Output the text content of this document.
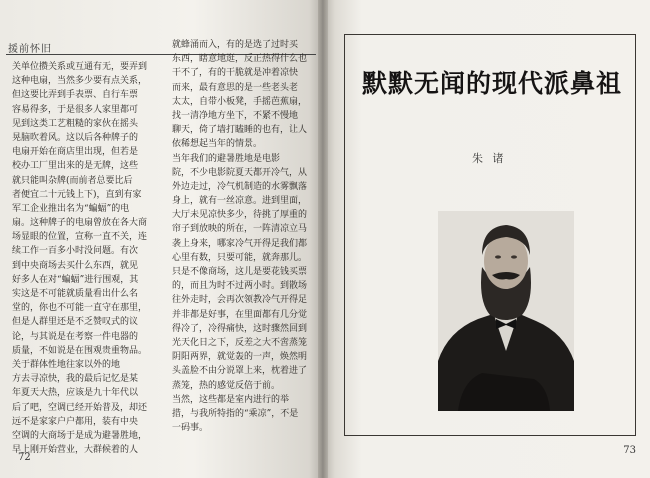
援前怀旧
关单位攒关系或互通有无，要弄到
这种电扇，当然多少要有点关系，
但这要比弄到手表票、自行车票
容易得多，于是很多人家里都可
见到这类工艺粗糙的家伙在摇头
晃脑吹着风。这以后各种牌子的
电扇开始在商店里出现，但若是
校办工厂里出来的是无牌，这些
就只能叫杂牌(而前者总要比后
者便宜二十元钱上下)，直到有家
军工企业推出名为“蝙蝠”的电
扇。这种牌子的电扇曾放在各大商
场显眼的位置，宣称一直不关，连
续工作一百多小时没问题。有次
到中央商场去买什么东西，就见
好多人在对“蝙蝠”进行围观，其
实这是不可能就质量看出什么名
堂的，你也不可能一直守在那里，
但是人群里还是不乏赞叹式的议
论，与其说是在考察一件电器的
质量，不如说是在围观贵重物品。
关于群体性地往家以外的地
方去寻凉快，我的最后记忆是某
年夏天大热，应该是九十年代以
后了吧，空调已经开始普及，却还
远不是家家户户都用，装有中央
空调的大商场于是成为避暑胜地，
早上刚开始营业，大群候着的人
就蜂涌而入，有的是选了过时买
东西，瞎意地逛，反正热得什么也
干不了，有的干脆就是冲着凉快
而来，最有意思的是一些老头老
太太，自带小板凳，手摇芭蕉扇，
找一清净地方坐下，不紧不慢地
聊天，倚了墙打瞌睡的也有，让人
依稀想起当年的情景。
当年我们的避暑胜地是电影
院，不少电影院夏天都开冷气，从
外边走过，冷气机制造的水雾飘落
身上，就有一丝凉意。进到里面，
大厅未见凉快多少，待挑了厚重的
帘子到放映的所在，一阵清凉立马
袭上身来，哪家冷气开得足我们都
心里有数，只要可能，就奔那儿。
只是不像商场，这儿是要花钱买票
的，而且为时不过两小时。到散场
往外走时，会再次领教冷气开得足
并非都是好事，在里面都有几分觉
得冷了，冷得痛快，这时骤然回到
光天化日之下，反差之大不啻蒸笼
阴阳两界，就觉轰的一声，焕然明
头盖脸不由分说罩上来，枕着进了
蒸笼，热的感觉反倍于前。
当然，这些都是室内进行的举
措，与我所特指的“乘凉”，不是
一码事。
72
默默无闻的现代派鼻祖
朱 诸
73
